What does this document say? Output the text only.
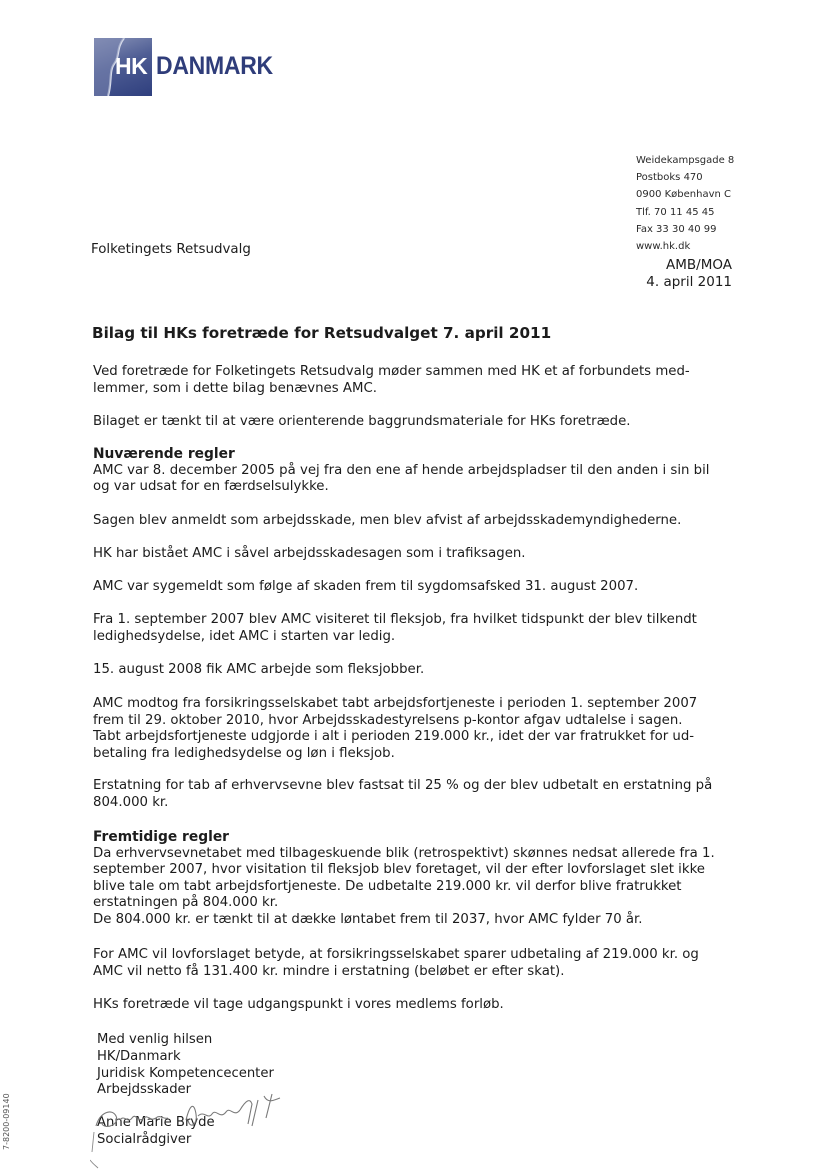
HK DANMARK
Weidekampsgade 8
Postboks 470
0900 København C
Tlf. 70 11 45 45
Fax 33 30 40 99
www.hk.dk
Folketingets Retsudvalg
AMB/MOA
4. april 2011
Bilag til HKs foretræde for Retsudvalget 7. april 2011
Ved foretræde for Folketingets Retsudvalg møder sammen med HK et af forbundets med-
lemmer, som i dette bilag benævnes AMC.
Bilaget er tænkt til at være orienterende baggrundsmateriale for HKs foretræde.
Nuværende regler
AMC var 8. december 2005 på vej fra den ene af hende arbejdspladser til den anden i sin bil
og var udsat for en færdselsulykke.
Sagen blev anmeldt som arbejdsskade, men blev afvist af arbejdsskademyndighederne.
HK har bistået AMC i såvel arbejdsskadesagen som i trafiksagen.
AMC var sygemeldt som følge af skaden frem til sygdomsafsked 31. august 2007.
Fra 1. september 2007 blev AMC visiteret til fleksjob, fra hvilket tidspunkt der blev tilkendt
ledighedsydelse, idet AMC i starten var ledig.
15. august 2008 fik AMC arbejde som fleksjobber.
AMC modtog fra forsikringsselskabet tabt arbejdsfortjeneste i perioden 1. september 2007
frem til 29. oktober 2010, hvor Arbejdsskadestyrelsens p-kontor afgav udtalelse i sagen.
Tabt arbejdsfortjeneste udgjorde i alt i perioden 219.000 kr., idet der var fratrukket for ud-
betaling fra ledighedsydelse og løn i fleksjob.
Erstatning for tab af erhvervsevne blev fastsat til 25 % og der blev udbetalt en erstatning på
804.000 kr.
Fremtidige regler
Da erhvervsevnetabet med tilbageskuende blik (retrospektivt) skønnes nedsat allerede fra 1.
september 2007, hvor visitation til fleksjob blev foretaget, vil der efter lovforslaget slet ikke
blive tale om tabt arbejdsfortjeneste. De udbetalte 219.000 kr. vil derfor blive fratrukket
erstatningen på 804.000 kr.
De 804.000 kr. er tænkt til at dække løntabet frem til 2037, hvor AMC fylder 70 år.
For AMC vil lovforslaget betyde, at forsikringsselskabet sparer udbetaling af 219.000 kr. og
AMC vil netto få 131.400 kr. mindre i erstatning (beløbet er efter skat).
HKs foretræde vil tage udgangspunkt i vores medlems forløb.
Med venlig hilsen
HK/Danmark
Juridisk Kompetencecenter
Arbejdsskader
Anne Marie Bryde
Socialrådgiver
7-8200-09140
